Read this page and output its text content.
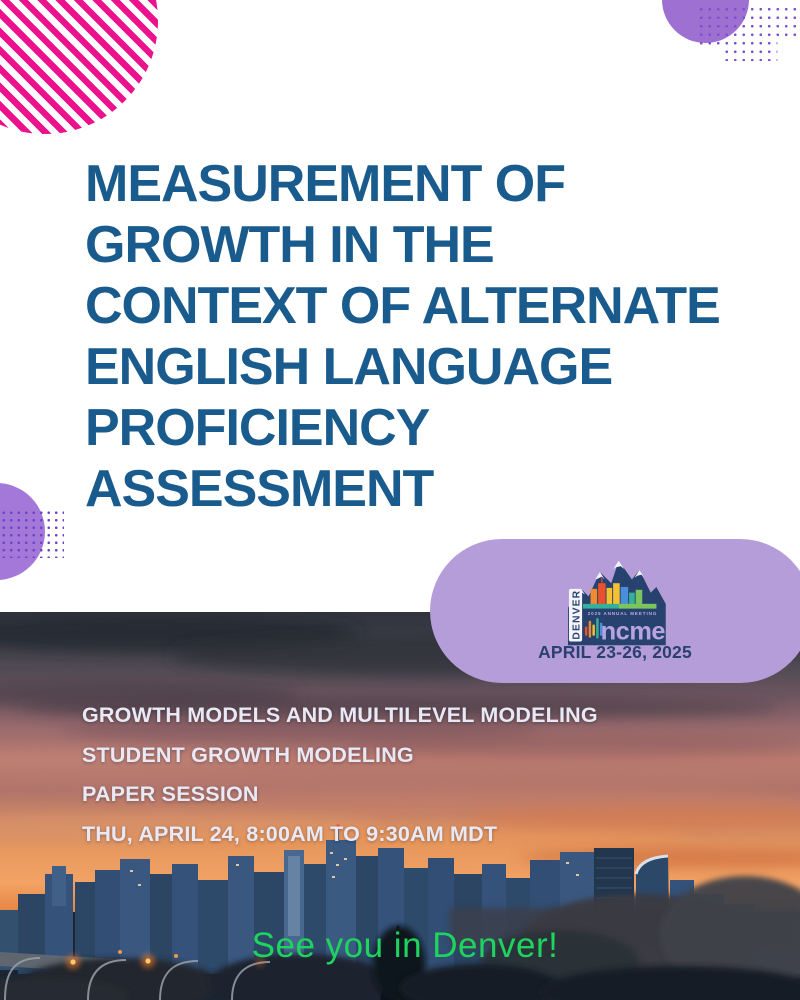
MEASUREMENT OF
GROWTH IN THE
CONTEXT OF ALTERNATE
ENGLISH LANGUAGE
PROFICIENCY
ASSESSMENT
DENVER 2025 ANNUAL MEETING
ncme
APRIL 23-26, 2025
GROWTH MODELS AND MULTILEVEL MODELING
STUDENT GROWTH MODELING
PAPER SESSION
THU, APRIL 24, 8:00AM TO 9:30AM MDT
See you in Denver!
